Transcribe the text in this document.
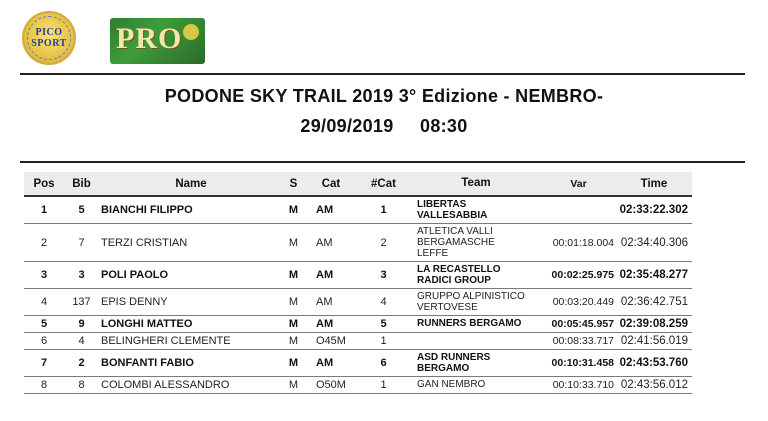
PICO
SPORT PRO
PODONE SKY TRAIL 2019 3° Edizione - NEMBRO-
29/09/2019     08:30
Pos	Bib	Name	S	Cat	#Cat	Team	Var	Time
1	5	BIANCHI FILIPPO	M	AM	1	LIBERTAS
VALLESABBIA		02:33:22.302
2	7	TERZI CRISTIAN	M	AM	2	ATLETICA VALLI
BERGAMASCHE
LEFFE	00:01:18.004	02:34:40.306
3	3	POLI PAOLO	M	AM	3	LA RECASTELLO
RADICI GROUP	00:02:25.975	02:35:48.277
4	137	EPIS DENNY	M	AM	4	GRUPPO ALPINISTICO
VERTOVESE	00:03:20.449	02:36:42.751
5	9	LONGHI MATTEO	M	AM	5	RUNNERS BERGAMO	00:05:45.957	02:39:08.259
6	4	BELINGHERI CLEMENTE	M	O45M	1		00:08:33.717	02:41:56.019
7	2	BONFANTI FABIO	M	AM	6	ASD RUNNERS
BERGAMO	00:10:31.458	02:43:53.760
8	8	COLOMBI ALESSANDRO	M	O50M	1	GAN NEMBRO	00:10:33.710	02:43:56.012
